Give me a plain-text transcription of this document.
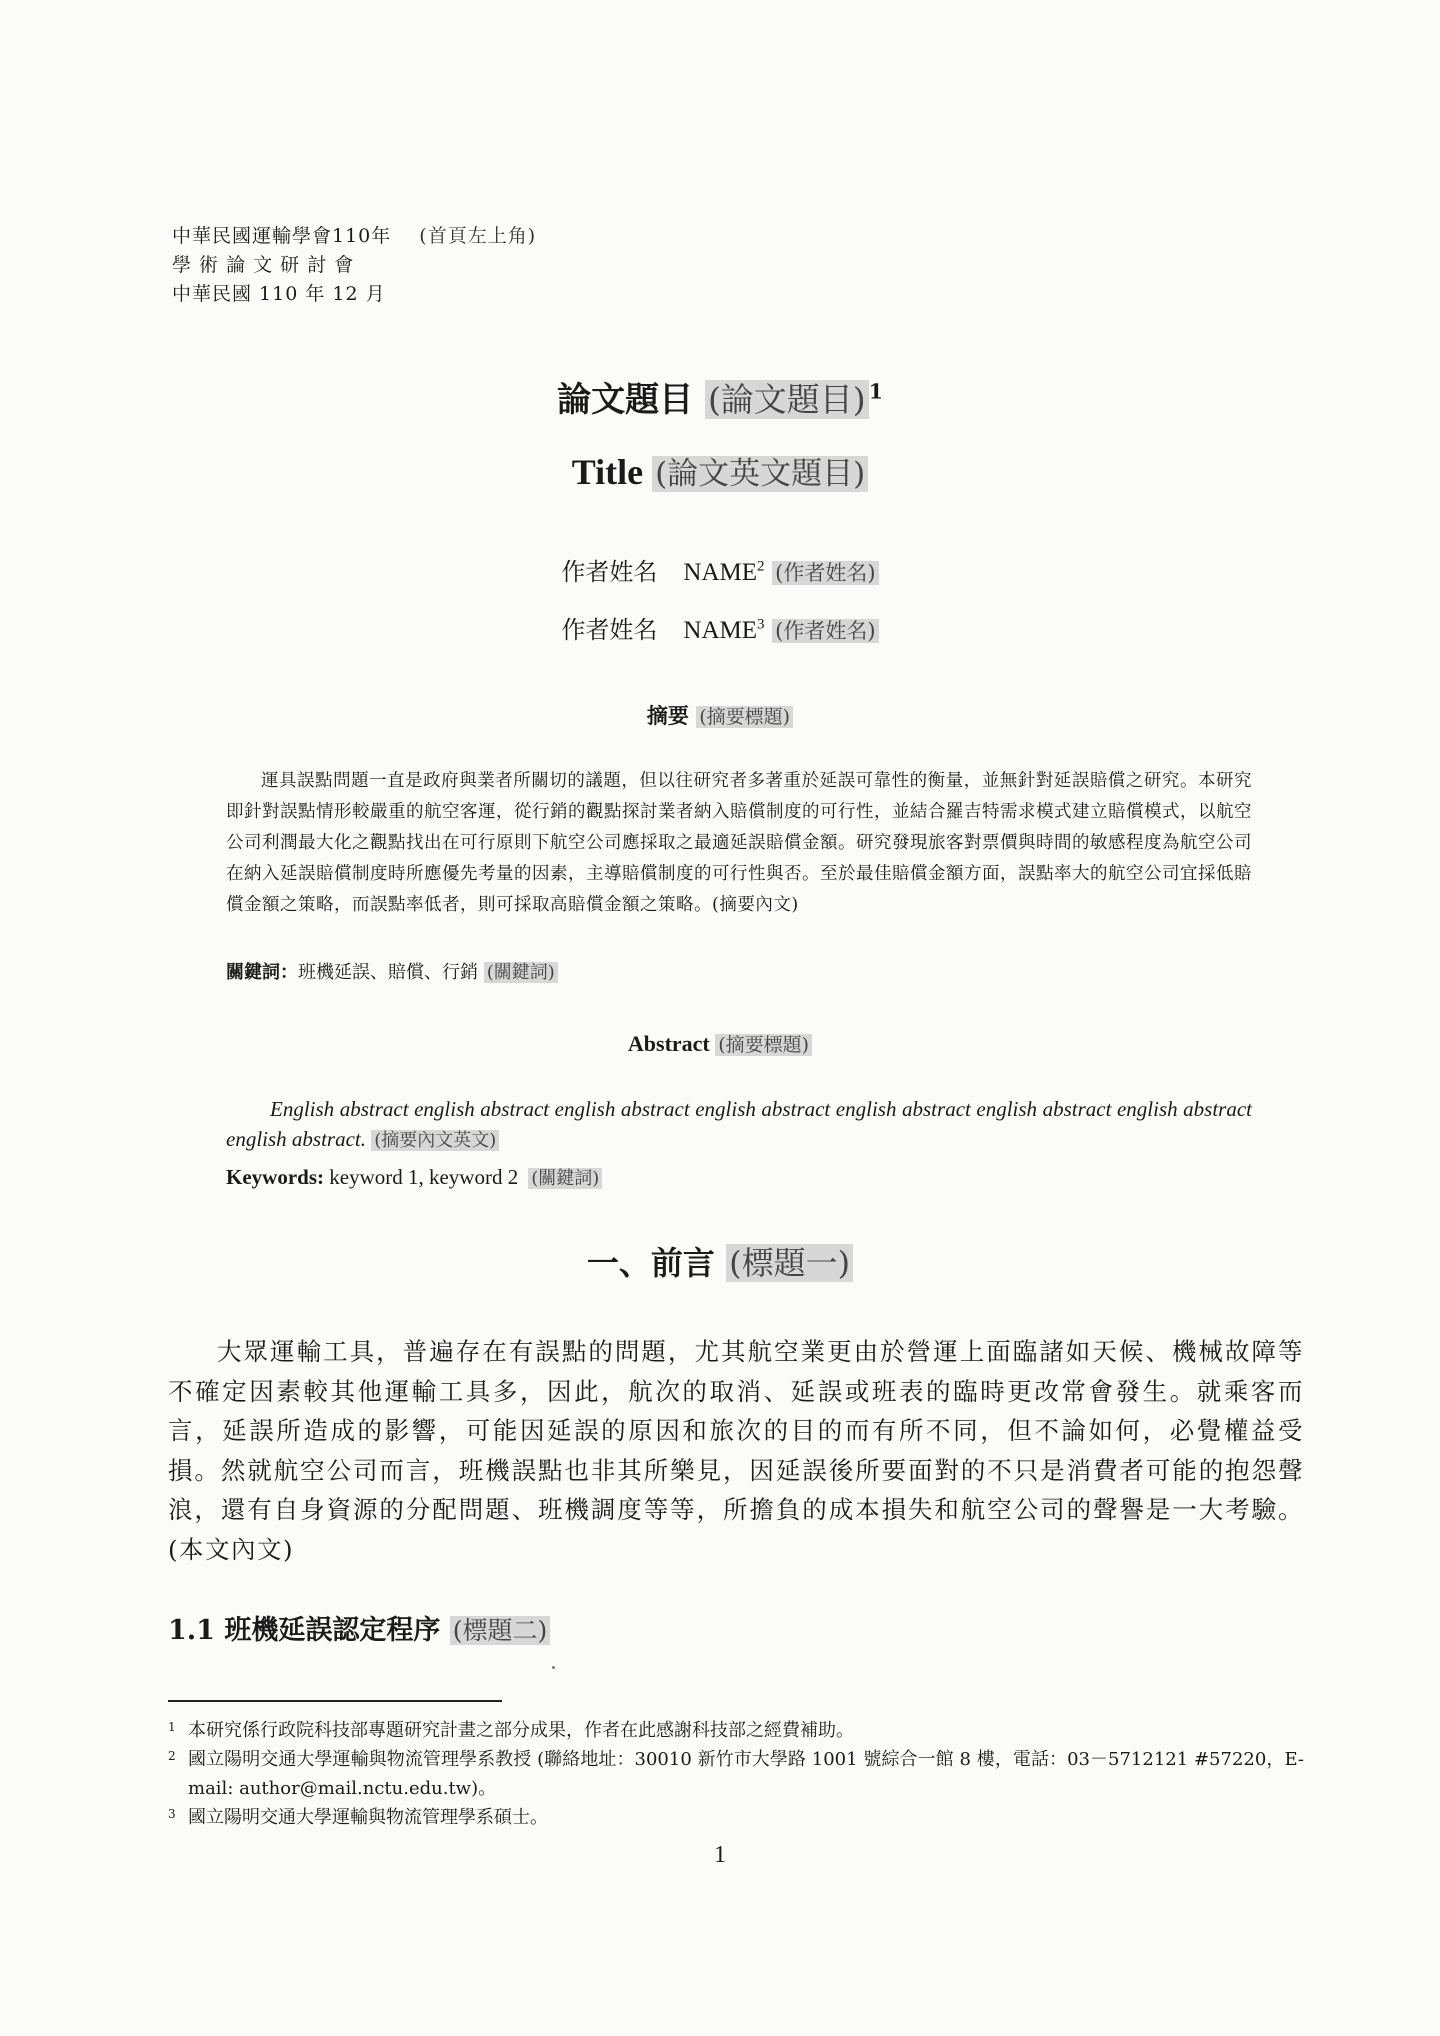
中華民國運輸學會110年 (首頁左上角)
學 術 論 文 研 討 會
中華民國 110 年 12 月
論文題目 (論文題目) $^1$
Title (論文英文題目)
作者姓名 NAME$^2$ (作者姓名)
作者姓名 NAME$^3$ (作者姓名)
摘要 (摘要標題)
運具誤點問題一直是政府與業者所關切的議題，但以往研究者多著重於延誤可靠性的衡量，並無針對延誤賠償之研究。本研究即針對誤點情形較嚴重的航空客運，從行銷的觀點探討業者納入賠償制度的可行性，並結合羅吉特需求模式建立賠償模式，以航空公司利潤最大化之觀點找出在可行原則下航空公司應採取之最適延誤賠償金額。研究發現旅客對票價與時間的敏感程度為航空公司在納入延誤賠償制度時所應優先考量的因素，主導賠償制度的可行性與否。至於最佳賠償金額方面，誤點率大的航空公司宜採低賠償金額之策略，而誤點率低者，則可採取高賠償金額之策略。(摘要內文)
關鍵詞：班機延誤、賠償、行銷 (關鍵詞)
Abstract (摘要標題)
English abstract english abstract english abstract english abstract english abstract english abstract english abstract english abstract. (摘要內文英文)
Keywords: keyword 1, keyword 2 (關鍵詞)
一、前言 (標題一)
大眾運輸工具，普遍存在有誤點的問題，尤其航空業更由於營運上面臨諸如天候、機械故障等不確定因素較其他運輸工具多，因此，航次的取消、延誤或班表的臨時更改常會發生。就乘客而言，延誤所造成的影響，可能因延誤的原因和旅次的目的而有所不同，但不論如何，必覺權益受損。然就航空公司而言，班機誤點也非其所樂見，因延誤後所要面對的不只是消費者可能的抱怨聲浪，還有自身資源的分配問題、班機調度等等，所擔負的成本損失和航空公司的聲譽是一大考驗。(本文內文)
1.1 班機延誤認定程序 (標題二)
1 本研究係行政院科技部專題研究計畫之部分成果，作者在此感謝科技部之經費補助。
2 國立陽明交通大學運輸與物流管理學系教授 (聯絡地址：30010 新竹市大學路 1001 號綜合一館 8 樓，電話：03－5712121 #57220，E-mail: author@mail.nctu.edu.tw)。
3 國立陽明交通大學運輸與物流管理學系碩士。
1
